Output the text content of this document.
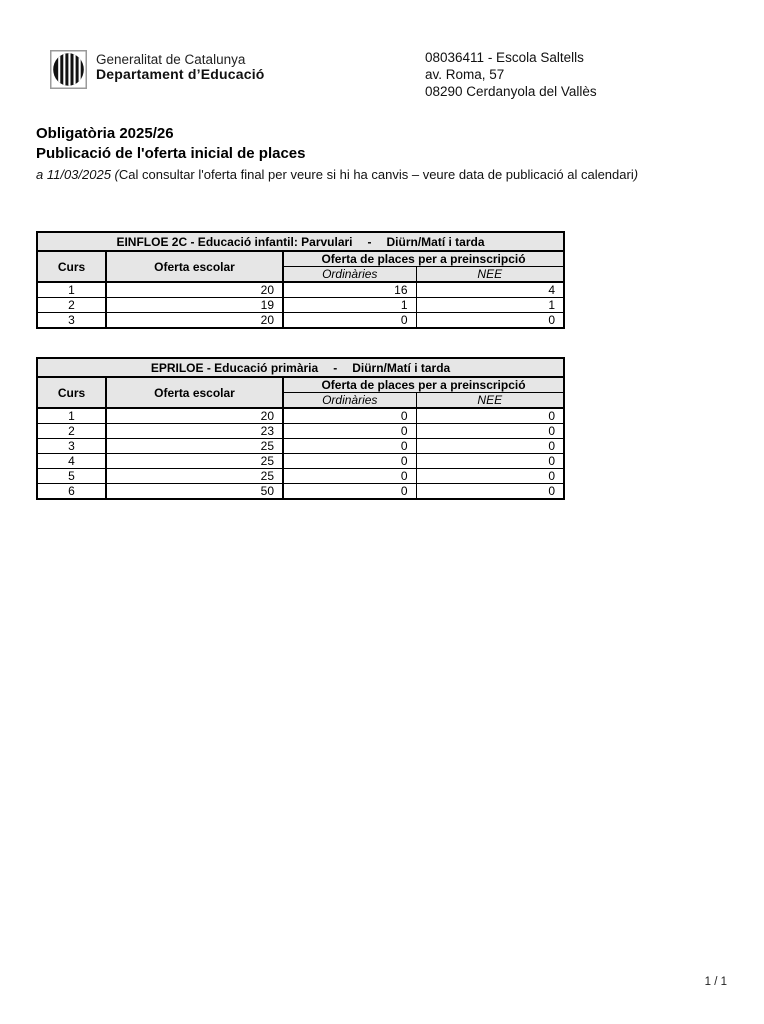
Generalitat de Catalunya
Departament d’Educació
08036411 - Escola Saltells
av. Roma, 57
08290 Cerdanyola del Vallès
Obligatòria 2025/26
Publicació de l'oferta inicial de places
a 11/03/2025 (Cal consultar l'oferta final per veure si hi ha canvis – veure data de publicació al calendari)
EINFLOE 2C - Educació infantil: Parvulari - Diürn/Matí i tarda			

Curs	Oferta escolar	Oferta de places per a preinscripció	
		Ordinàries	NEE
1	20	16	4
2	19	1	1
3	20	0	0
EPRILOE - Educació primària - Diürn/Matí i tarda			

Curs	Oferta escolar	Oferta de places per a preinscripció	
		Ordinàries	NEE
1	20	0	0
2	23	0	0
3	25	0	0
4	25	0	0
5	25	0	0
6	50	0	0
1 / 1
